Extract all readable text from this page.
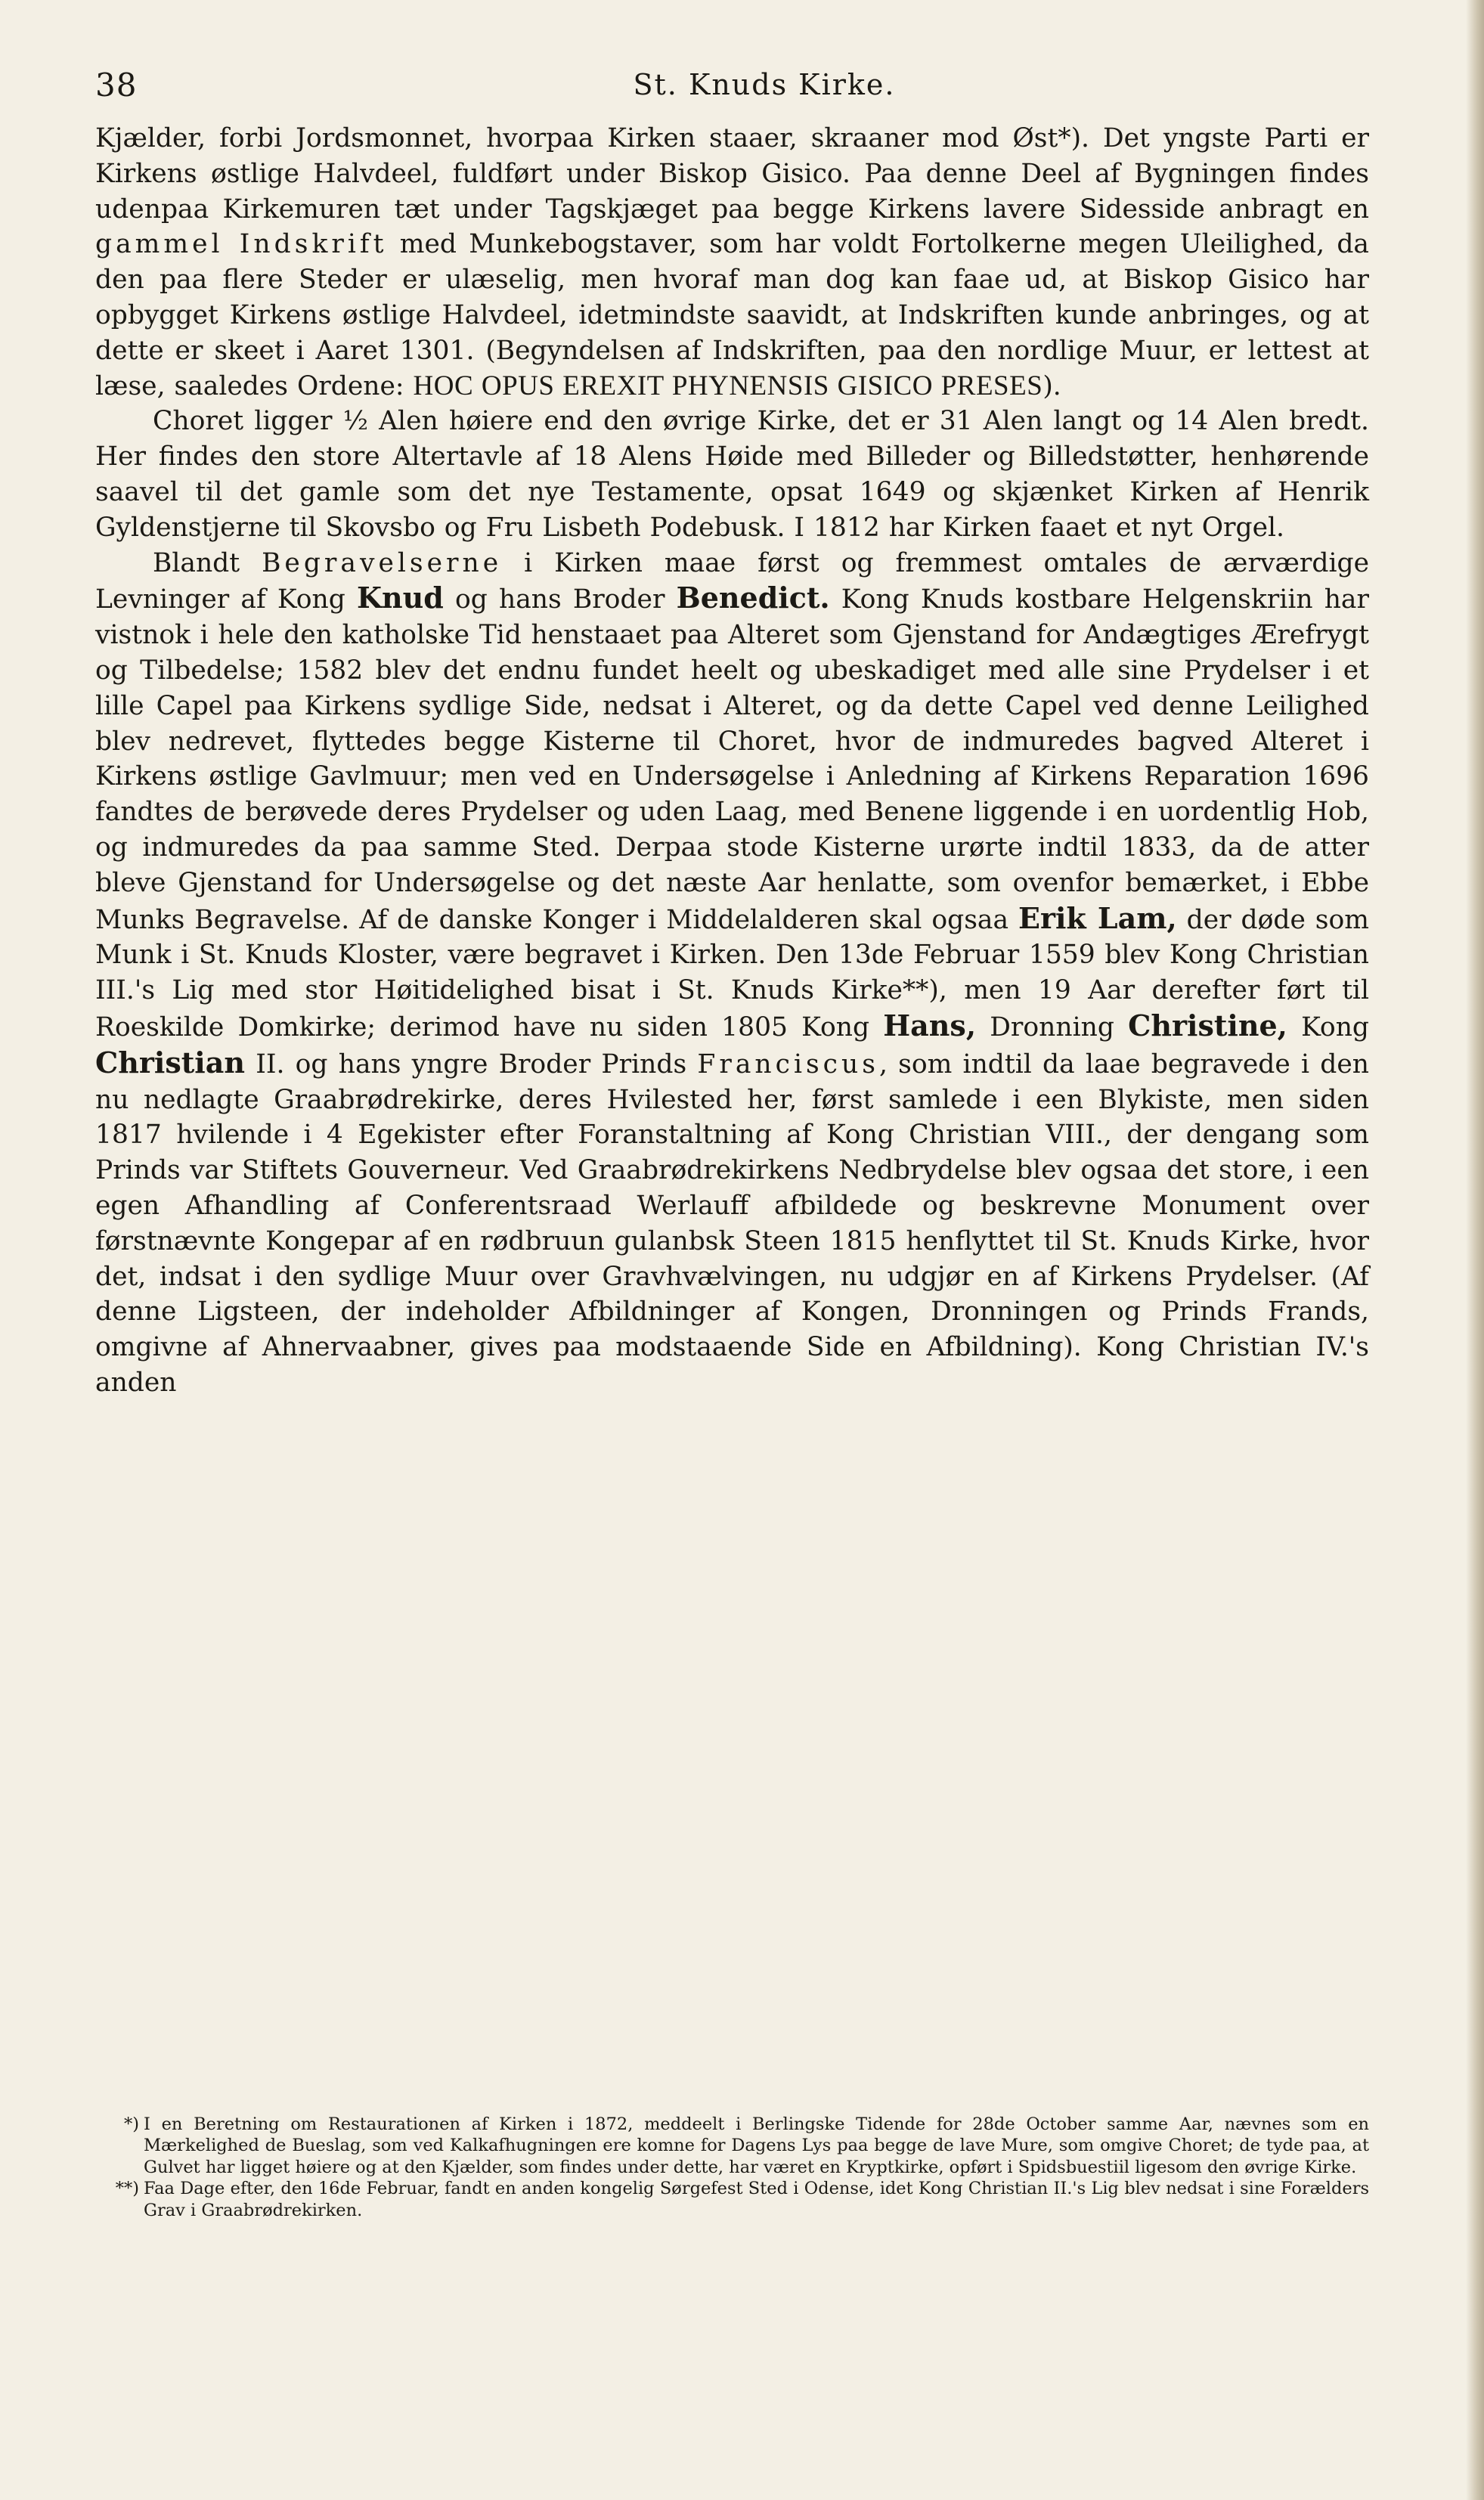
38	St. Knuds Kirke.

Kjælder, forbi Jordsmonnet, hvorpaa Kirken staaer, skraaner mod Øst*). Det yngste Parti er Kirkens østlige Halvdeel, fuldført under Biskop Gisico. Paa denne Deel af Bygningen findes udenpaa Kirkemuren tæt under Tagskjæget paa begge Kirkens lavere Sidesside anbragt en gammel Indskrift med Munkebogstaver, som har voldt Fortolkerne megen Uleilighed, da den paa flere Steder er ulæselig, men hvoraf man dog kan faae ud, at Biskop Gisico har opbygget Kirkens østlige Halvdeel, idetmindste saavidt, at Indskriften kunde anbringes, og at dette er skeet i Aaret 1301. (Begyndelsen af Indskriften, paa den nordlige Muur, er lettest at læse, saaledes Ordene: HOC OPUS EREXIT PHYNENSIS GISICO PRESES).

Choret ligger ½ Alen høiere end den øvrige Kirke, det er 31 Alen langt og 14 Alen bredt. Her findes den store Altertavle af 18 Alens Høide med Billeder og Billedstøtter, henhørende saavel til det gamle som det nye Testamente, opsat 1649 og skjænket Kirken af Henrik Gyldenstjerne til Skovsbo og Fru Lisbeth Podebusk. I 1812 har Kirken faaet et nyt Orgel.

Blandt Begravelserne i Kirken maae først og fremmest omtales de ærværdige Levninger af Kong Knud og hans Broder Benedict. Kong Knuds kostbare Helgenskriin har vistnok i hele den katholske Tid henstaaet paa Alteret som Gjenstand for Andægtiges Ærefrygt og Tilbedelse; 1582 blev det endnu fundet heelt og ubeskadiget med alle sine Prydelser i et lille Capel paa Kirkens sydlige Side, nedsat i Alteret, og da dette Capel ved denne Leilighed blev nedrevet, flyttedes begge Kisterne til Choret, hvor de indmuredes bagved Alteret i Kirkens østlige Gavlmuur; men ved en Undersøgelse i Anledning af Kirkens Reparation 1696 fandtes de berøvede deres Prydelser og uden Laag, med Benene liggende i en uordentlig Hob, og indmuredes da paa samme Sted. Derpaa stode Kisterne urørte indtil 1833, da de atter bleve Gjenstand for Undersøgelse og det næste Aar henlatte, som ovenfor bemærket, i Ebbe Munks Begravelse. Af de danske Konger i Middelalderen skal ogsaa Erik Lam, der døde som Munk i St. Knuds Kloster, være begravet i Kirken. Den 13de Februar 1559 blev Kong Christian III.'s Lig med stor Høitidelighed bisat i St. Knuds Kirke**), men 19 Aar derefter ført til Roeskilde Domkirke; derimod have nu siden 1805 Kong Hans, Dronning Christine, Kong Christian II. og hans yngre Broder Prinds Franciscus, som indtil da laae begravede i den nu nedlagte Graabrødrekirke, deres Hvilested her, først samlede i een Blykiste, men siden 1817 hvilende i 4 Egekister efter Foranstaltning af Kong Christian VIII., der dengang som Prinds var Stiftets Gouverneur. Ved Graabrødrekirkens Nedbrydelse blev ogsaa det store, i een egen Afhandling af Conferentsraad Werlauff afbildede og beskrevne Monument over førstnævnte Kongepar af en rødbruun gulanbsk Steen 1815 henflyttet til St. Knuds Kirke, hvor det, indsat i den sydlige Muur over Gravhvælvingen, nu udgjør en af Kirkens Prydelser. (Af denne Ligsteen, der indeholder Afbildninger af Kongen, Dronningen og Prinds Frands, omgivne af Ahnervaabner, gives paa modstaaende Side en Afbildning). Kong Christian IV.'s anden

*) I en Beretning om Restaurationen af Kirken i 1872, meddeelt i Berlingske Tidende for 28de October samme Aar, nævnes som en Mærkelighed de Bueslag, som ved Kalkafhugningen ere komne for Dagens Lys paa begge de lave Mure, som omgive Choret; de tyde paa, at Gulvet har ligget høiere og at den Kjælder, som findes under dette, har været en Kryptkirke, opført i Spidsbuestiil ligesom den øvrige Kirke.

**) Faa Dage efter, den 16de Februar, fandt en anden kongelig Sørgefest Sted i Odense, idet Kong Christian II.'s Lig blev nedsat i sine Forælders Grav i Graabrødrekirken.
